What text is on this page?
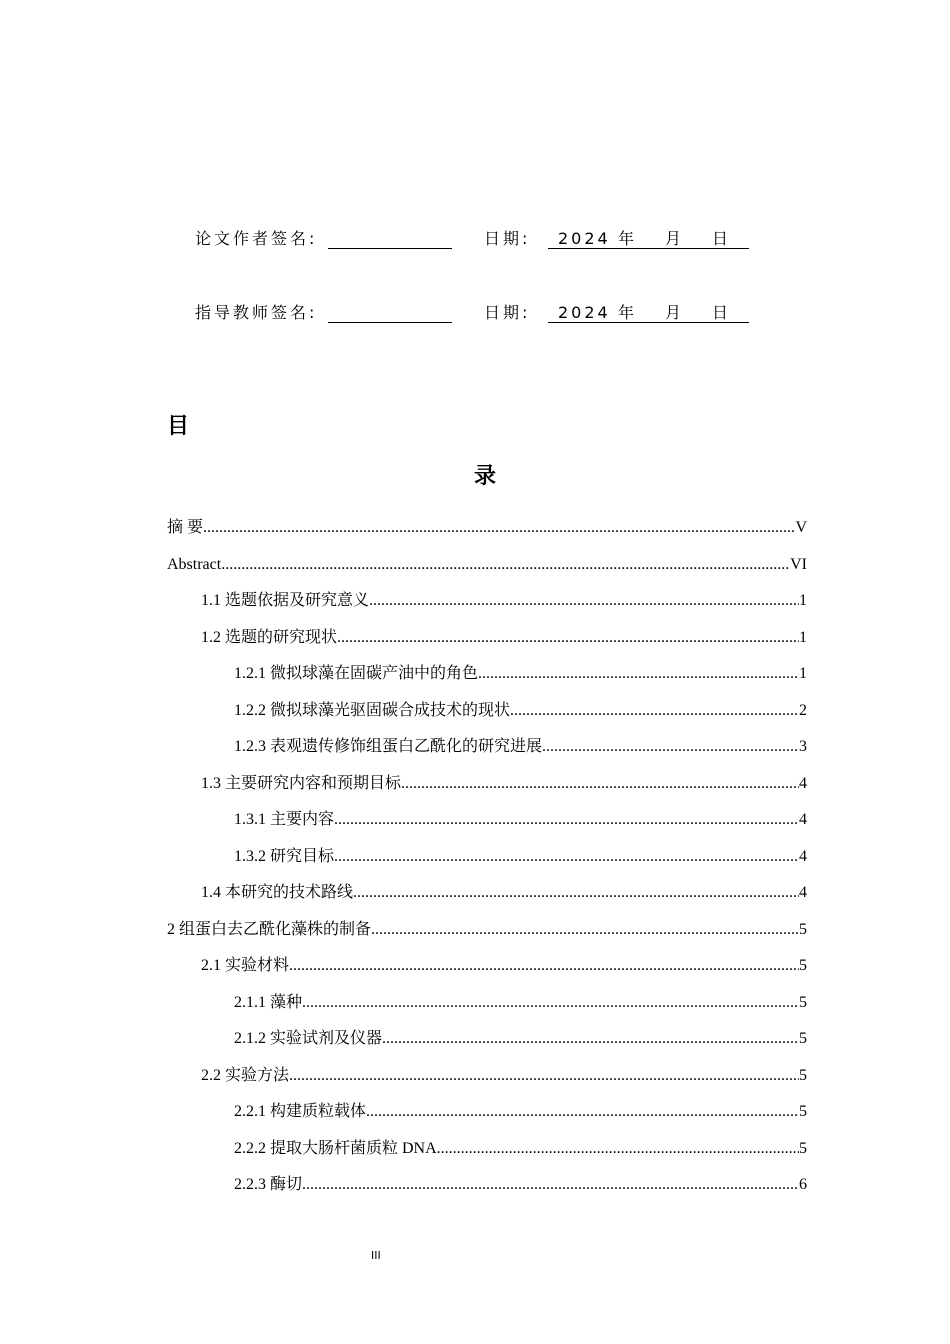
论文作者签名:	日期: 2024 年 月 日
指导教师签名:	日期: 2024 年 月 日
目
录
摘 要 .....	V
Abstract .....	VI
1.1 选题依据及研究意义 .....	1
1.2 选题的研究现状 .....	1
1.2.1 微拟球藻在固碳产油中的角色 .....	1
1.2.2 微拟球藻光驱固碳合成技术的现状 .....	2
1.2.3 表观遗传修饰组蛋白乙酰化的研究进展 .....	3
1.3 主要研究内容和预期目标 .....	4
1.3.1 主要内容 .....	4
1.3.2 研究目标 .....	4
1.4 本研究的技术路线 .....	4
2 组蛋白去乙酰化藻株的制备 .....	5
2.1 实验材料 .....	5
2.1.1 藻种 .....	5
2.1.2 实验试剂及仪器 .....	5
2.2 实验方法 .....	5
2.2.1 构建质粒载体 .....	5
2.2.2 提取大肠杆菌质粒 DNA .....	5
2.2.3 酶切 .....	6
III
